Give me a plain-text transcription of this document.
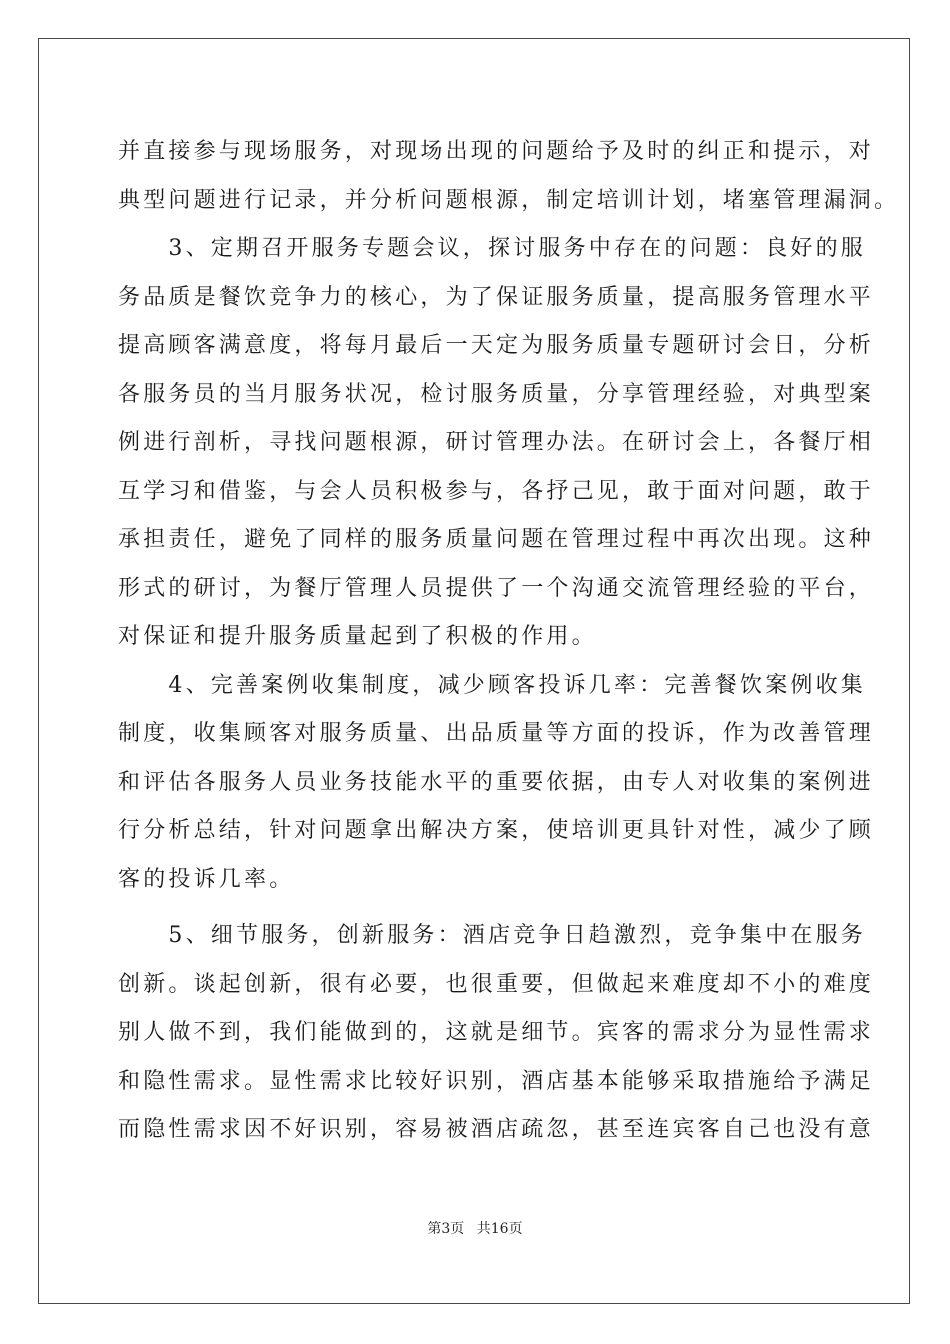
并直接参与现场服务，对现场出现的问题给予及时的纠正和提示，对
典型问题进行记录，并分析问题根源，制定培训计划，堵塞管理漏洞。
　　3、定期召开服务专题会议，探讨服务中存在的问题：良好的服
务品质是餐饮竞争力的核心，为了保证服务质量，提高服务管理水平
提高顾客满意度，将每月最后一天定为服务质量专题研讨会日，分析
各服务员的当月服务状况，检讨服务质量，分享管理经验，对典型案
例进行剖析，寻找问题根源，研讨管理办法。在研讨会上，各餐厅相
互学习和借鉴，与会人员积极参与，各抒己见，敢于面对问题，敢于
承担责任，避免了同样的服务质量问题在管理过程中再次出现。这种
形式的研讨，为餐厅管理人员提供了一个沟通交流管理经验的平台，
对保证和提升服务质量起到了积极的作用。
　　4、完善案例收集制度，减少顾客投诉几率：完善餐饮案例收集
制度，收集顾客对服务质量、出品质量等方面的投诉，作为改善管理
和评估各服务人员业务技能水平的重要依据，由专人对收集的案例进
行分析总结，针对问题拿出解决方案，使培训更具针对性，减少了顾
客的投诉几率。
　　5、细节服务，创新服务：酒店竞争日趋激烈，竞争集中在服务
创新。谈起创新，很有必要，也很重要，但做起来难度却不小的难度
别人做不到，我们能做到的，这就是细节。宾客的需求分为显性需求
和隐性需求。显性需求比较好识别，酒店基本能够采取措施给予满足
而隐性需求因不好识别，容易被酒店疏忽，甚至连宾客自己也没有意
第3页 共16页
